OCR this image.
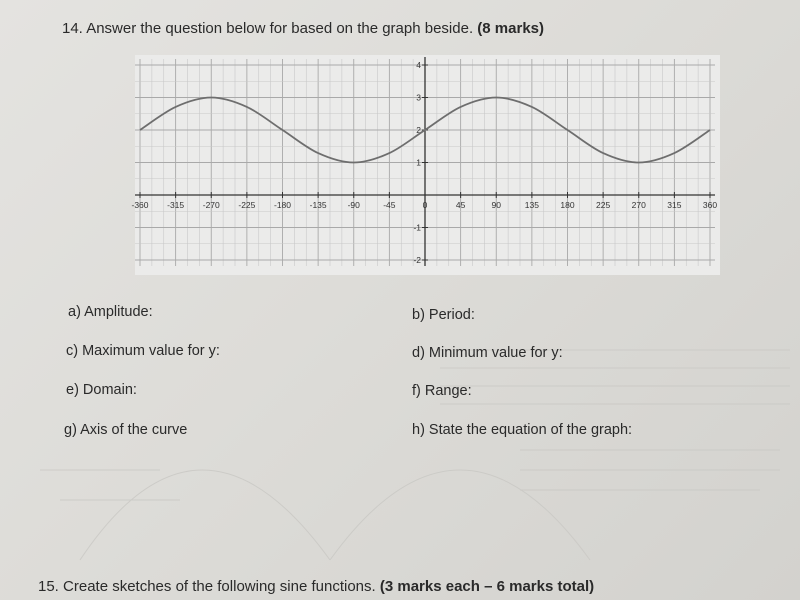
14. Answer the question below for based on the graph beside. (8 marks)
-360 -315 -270 -225 -180 -135 -90	-45	0	45	90	135	180	225	270	315	360
-2
-1
1
2
3
4
a) Amplitude:	b) Period:
c) Maximum value for y:	d) Minimum value for y:
e) Domain:	f) Range:
g) Axis of the curve	h) State the equation of the graph:
15. Create sketches of the following sine functions. (3 marks each – 6 marks total)
